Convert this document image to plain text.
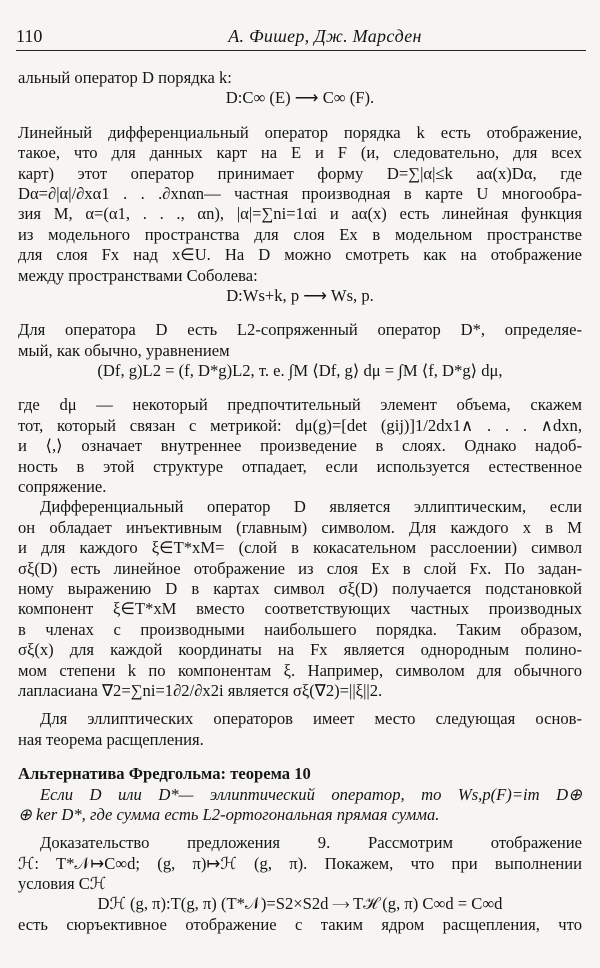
110	А. Фишер, Дж. Марсден
альный оператор D порядка k:
D:C∞ (E) ⟶ C∞ (F).
Линейный дифференциальный оператор порядка k есть отображение,
такое, что для данных карт на E и F (и, следовательно, для всех
карт) этот оператор принимает форму D=∑|α|≤k aα(x)Dα, где
Dα=∂|α|/∂xα1 . . .∂xnαn— частная производная в карте U многообра-
зия M, α=(α1, . . ., αn), |α|=∑ni=1αi и aα(x) есть линейная функция
из модельного пространства для слоя Ex в модельном пространстве
для слоя Fx над x∈U. На D можно смотреть как на отображение
между пространствами Соболева:
D:Ws+k, p ⟶ Ws, p.
Для оператора D есть L2-сопряженный оператор D*, определяе-
мый, как обычно, уравнением
(Df, g)L2 = (f, D*g)L2, т. е. ∫M ⟨Df, g⟩ dμ = ∫M ⟨f, D*g⟩ dμ,
где dμ — некоторый предпочтительный элемент объема, скажем
тот, который связан с метрикой: dμ(g)=[det (gij)]1/2dx1∧ . . . ∧dxn,
и ⟨,⟩ означает внутреннее произведение в слоях. Однако надоб-
ность в этой структуре отпадает, если используется естественное
сопряжение.
Дифференциальный оператор D является эллиптическим, если
он обладает инъективным (главным) символом. Для каждого x в M
и для каждого ξ∈T*xM= (слой в кокасательном расслоении) символ
σξ(D) есть линейное отображение из слоя Ex в слой Fx. По задан-
ному выражению D в картах символ σξ(D) получается подстановкой
компонент ξ∈T*xM вместо соответствующих частных производных
в членах с производными наибольшего порядка. Таким образом,
σξ(x) для каждой координаты на Fx является однородным полино-
мом степени k по компонентам ξ. Например, символом для обычного
лапласиана ∇2=∑ni=1∂2/∂x2i является σξ(∇2)=||ξ||2.
Для эллиптических операторов имеет место следующая основ-
ная теорема расщепления.
Альтернатива Фредгольма: теорема 10
Если D или D*— эллиптический оператор, то Ws,p(F)=im D⊕
⊕ ker D*, где сумма есть L2-ортогональная прямая сумма.
Доказательство предложения 9. Рассмотрим отображение
ℋ: T*𝒩↦C∞d; (g, π)↦ℋ (g, π). Покажем, что при выполнении
условия Cℋ
Dℋ (g, π):T(g, π) (T*𝒩)=S2×S2d ⟶ Tℋ (g, π) C∞d = C∞d
есть сюръективное отображение с таким ядром расщепления, что
